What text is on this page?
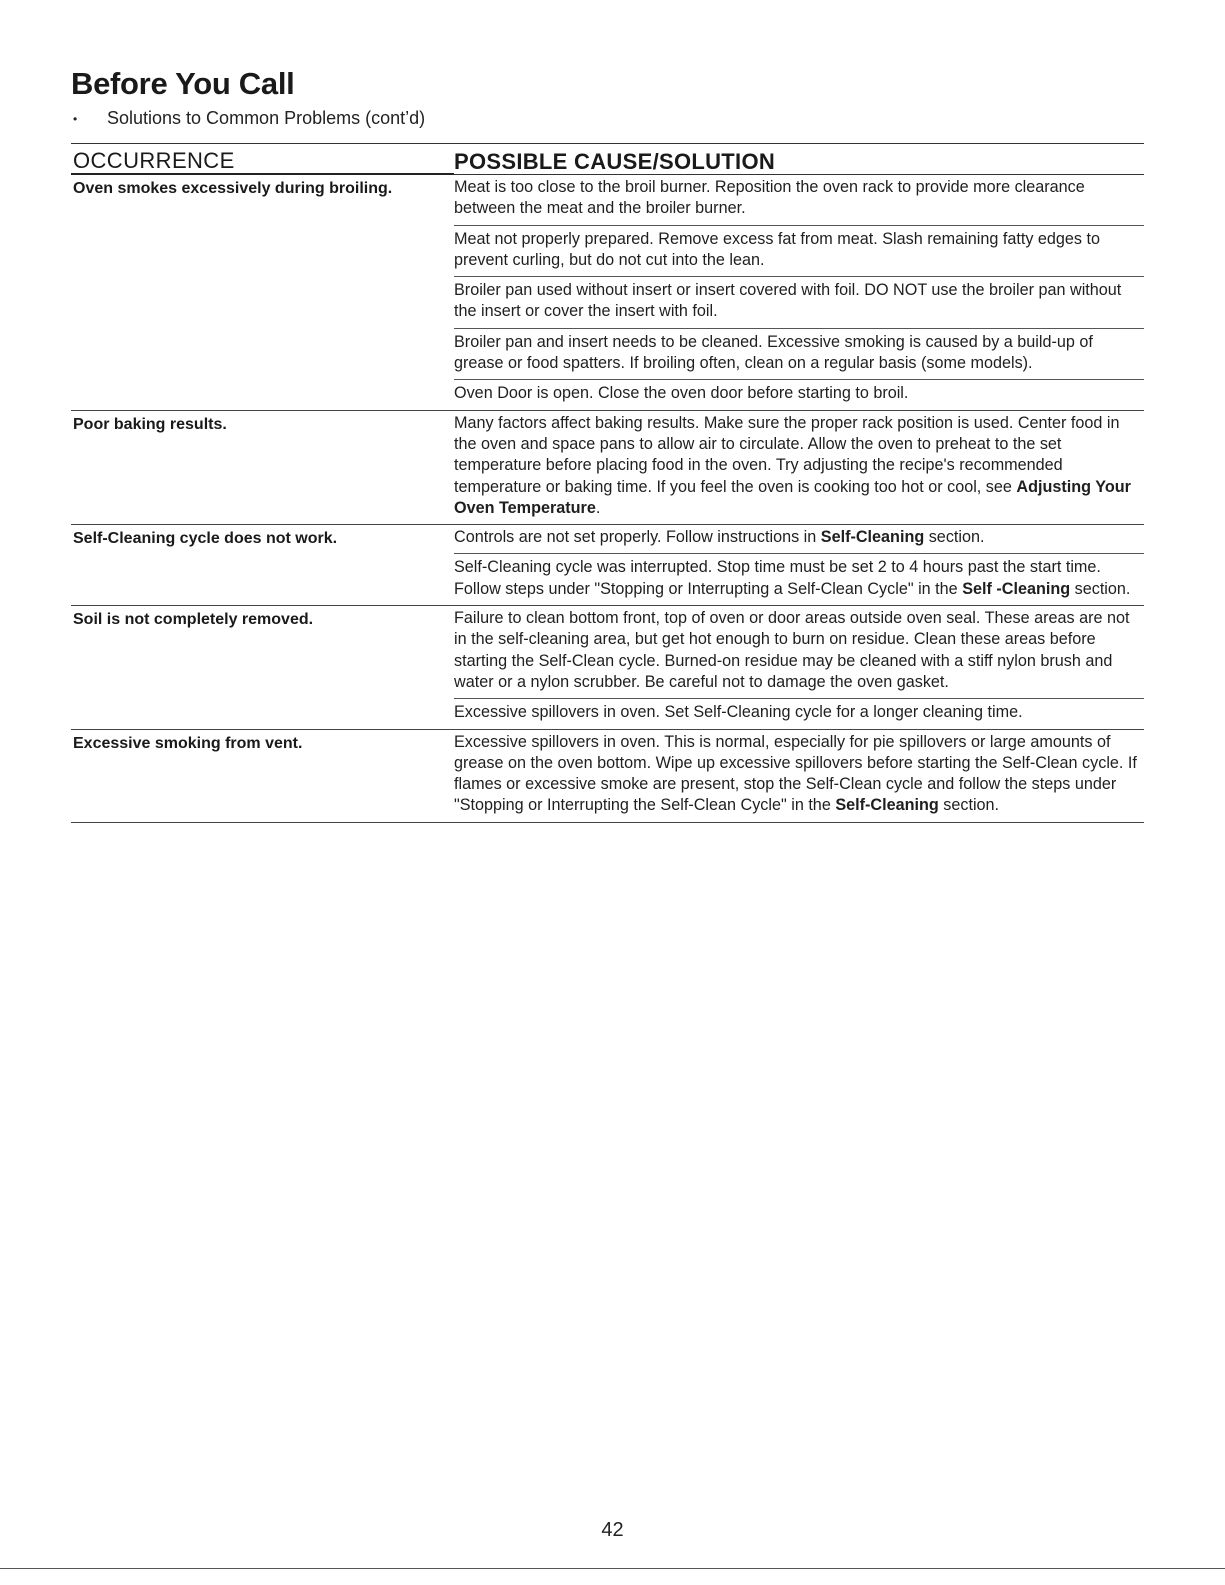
Before You Call
•	Solutions to Common Problems (cont’d)
OCCURRENCE	POSSIBLE CAUSE/SOLUTION
Oven smokes excessively during broiling.	Meat is too close to the broil burner. Reposition the oven rack to provide more clearance between the meat and the broiler burner.
Meat not properly prepared. Remove excess fat from meat. Slash remaining fatty edges to prevent curling, but do not cut into the lean.
Broiler pan used without insert or insert covered with foil. DO NOT use the broiler pan without the insert or cover the insert with foil.
Broiler pan and insert needs to be cleaned. Excessive smoking is caused by a build-up of grease or food spatters. If broiling often, clean on a regular basis (some models).
Oven Door is open. Close the oven door before starting to broil.
Poor baking results.	Many factors affect baking results. Make sure the proper rack position is used. Center food in the oven and space pans to allow air to circulate. Allow the oven to preheat to the set temperature before placing food in the oven. Try adjusting the recipe's recommended temperature or baking time. If you feel the oven is cooking too hot or cool, see Adjusting Your Oven Temperature.
Self-Cleaning cycle does not work.	Controls are not set properly. Follow instructions in Self-Cleaning section.
Self-Cleaning cycle was interrupted. Stop time must be set 2 to 4 hours past the start time. Follow steps under "Stopping or Interrupting a Self-Clean Cycle" in the Self -Cleaning section.
Soil is not completely removed.	Failure to clean bottom front, top of oven or door areas outside oven seal. These areas are not in the self-cleaning area, but get hot enough to burn on residue. Clean these areas before starting the Self-Clean cycle. Burned-on residue may be cleaned with a stiff nylon brush and water or a nylon scrubber. Be careful not to damage the oven gasket.
Excessive spillovers in oven. Set Self-Cleaning cycle for a longer cleaning time.
Excessive smoking from vent.	Excessive spillovers in oven. This is normal, especially for pie spillovers or large amounts of grease on the oven bottom. Wipe up excessive spillovers before starting the Self-Clean cycle. If flames or excessive smoke are present, stop the Self-Clean cycle and follow the steps under "Stopping or Interrupting the Self-Clean Cycle" in the Self-Cleaning section.
42
